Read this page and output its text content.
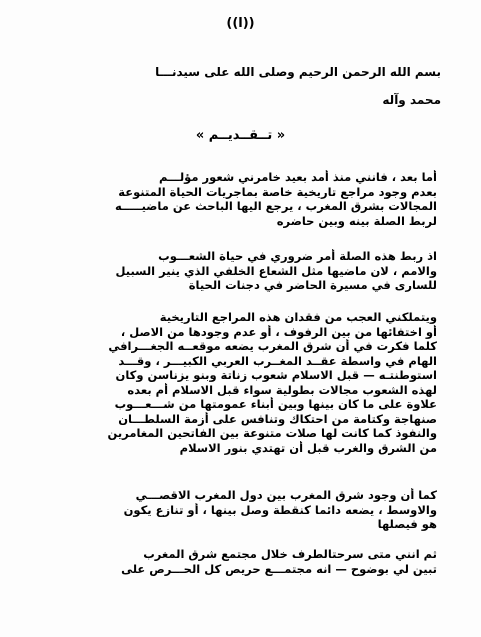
((ا))
بسم الله الرحمن الرحيم وصلى الله على سيدنـــا
محمد وآله
« تــقــديــم »
أما بعد ، فانني منذ أمد بعيد خامرني شعور مؤلـــم
بعدم وجود مراجع تاريخية خاصة بماجريات الحياة المتنوعة
المجالات بشرق المغرب ، يرجع اليها الباحث عن ماضيـــــه
لربط الصلة بينه وبين حاضره
اذ ربط هذه الصلة أمر ضروري في حياة الشعـــوب
والامم ، لان ماضيها مثل الشعاع الخلفي الذي ينير السبيل
للسارى في مسيرة الحاضر في دجنات الحياة
ويتملكني العجب من فقدان هذه المراجع التاريخية
أو اختفائها من بين الرفوف ، أو عدم وجودها من الاصل ،
كلما فكرت في أن شرق المغرب يضعه موقعــه الجغـــرافي
الهام في واسطة عقــد المغــرب العربي الكبيـــر ، وقـــد
استوطنتـه — قبل الاسلام شعوب زناتة وبنو يزناسن وكان
لهذه الشعوب مجالات بطولية سواء قبل الاسلام أم بعده
علاوة على ما كان بينها وبين أبناء عمومتها من شـــعـــوب
صنهاجة وكتامة من احتكاك وتنافس على أزمة السلطـــان
والنفوذ كما كانت لها صلات متنوعة بين الفاتحين المغامرين
من الشرق والغرب قبل أن تهتدي بنور الاسلام
كما أن وجود شرق المغرب بين دول المغرب الاقصـــي
والاوسط ، يضعه دائما كنقطة وصل بينها ، أو تنازع يكون
هو فيصلها
ثم انني متى سرحتالطرف خلال مجتمع شرق المغرب
تبين لي بوضوح — انه مجتمـــع حريص كل الحـــرص على
